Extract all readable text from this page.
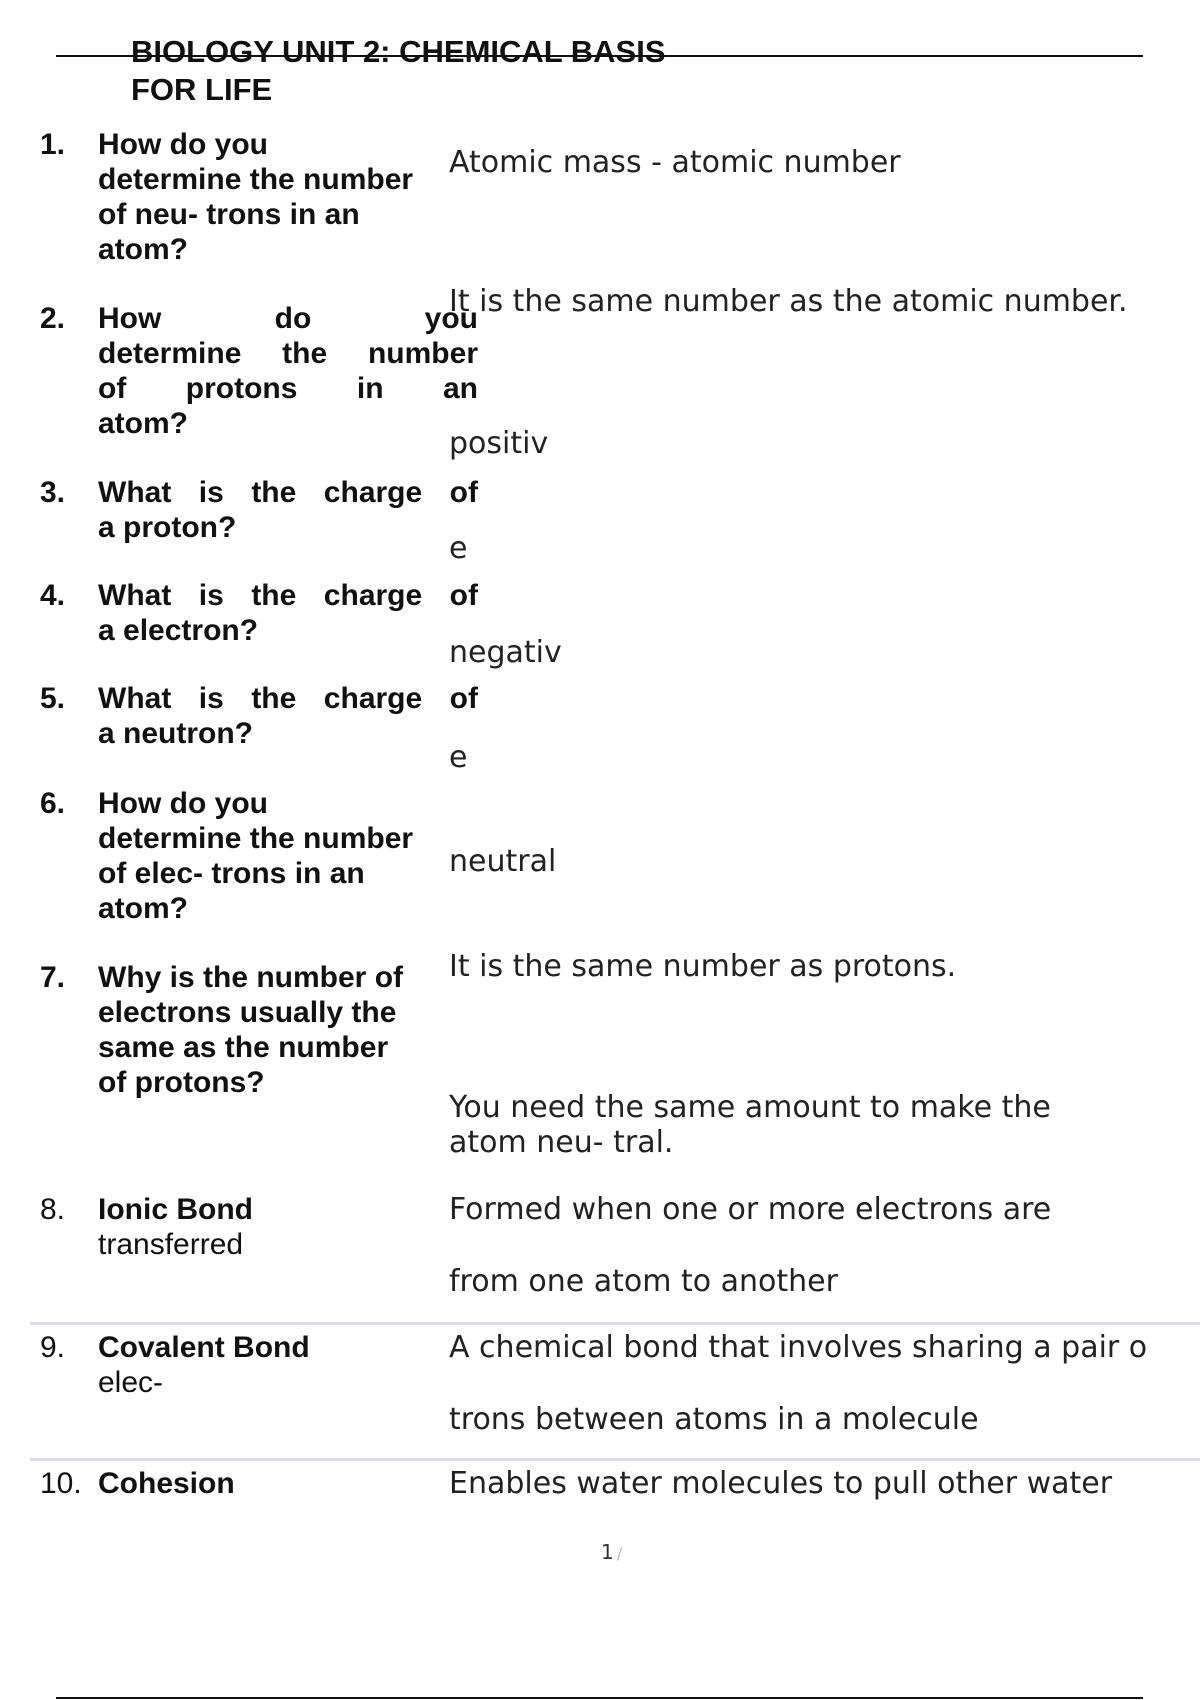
BIOLOGY UNIT 2: CHEMICAL BASIS
FOR LIFE
1. How do you
determine the number
of neu- trons in an
atom?
2. How do you
determine the number
of protons in an
atom?
3. What is the charge of
a proton?
4. What is the charge of
a electron?
5. What is the charge of
a neutron?
6. How do you
determine the number
of elec- trons in an
atom?
7. Why is the number of
electrons usually the
same as the number
of protons?
Atomic mass - atomic number
It is the same number as the atomic number.
positiv
e
negativ
e
neutral
It is the same number as protons.
You need the same amount to make the
atom neu- tral.
8. Ionic Bond
transferred
Formed when one or more electrons are
from one atom to another
9. Covalent Bond
elec-
A chemical bond that involves sharing a pair o
trons between atoms in a molecule
10. Cohesion	Enables water molecules to pull other water
1 /
